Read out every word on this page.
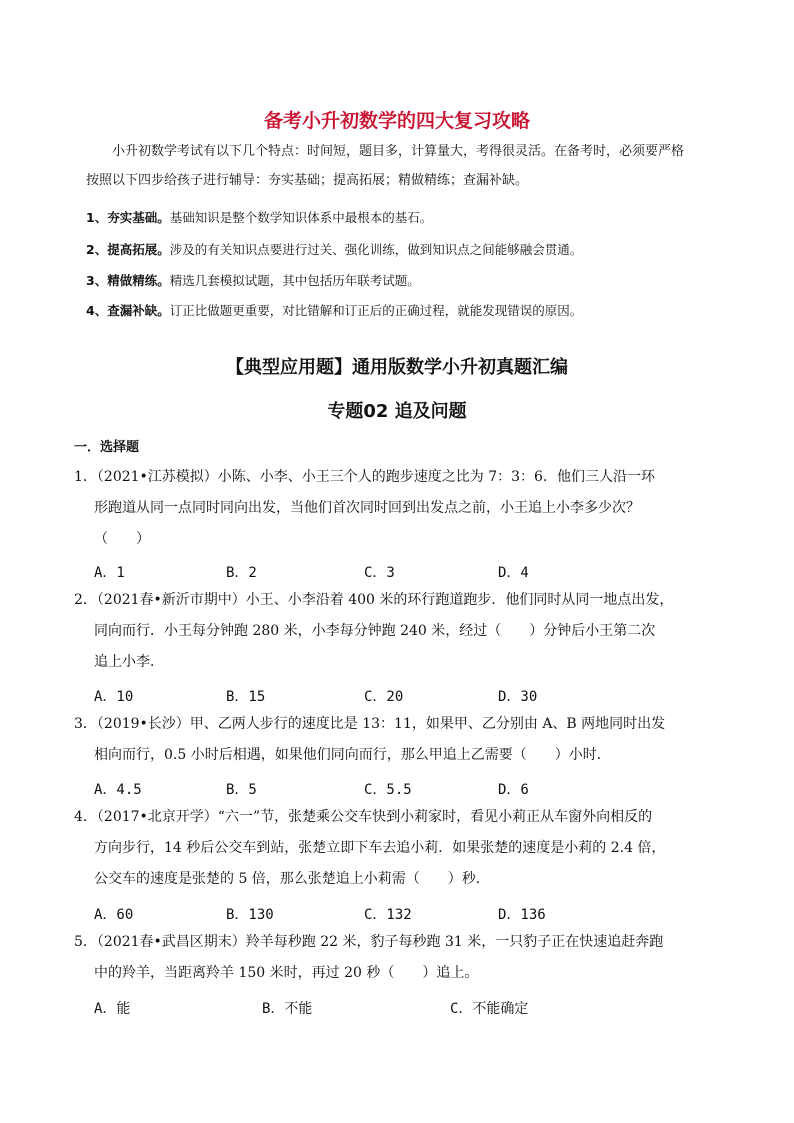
备考小升初数学的四大复习攻略
小升初数学考试有以下几个特点：时间短，题目多，计算量大，考得很灵活。在备考时，必须要严格
按照以下四步给孩子进行辅导：夯实基础；提高拓展；精做精练；查漏补缺。
1、夯实基础。基础知识是整个数学知识体系中最根本的基石。
2、提高拓展。涉及的有关知识点要进行过关、强化训练，做到知识点之间能够融会贯通。
3、精做精练。精选几套模拟试题，其中包括历年联考试题。
4、查漏补缺。订正比做题更重要，对比错解和订正后的正确过程，就能发现错误的原因。
【典型应用题】通用版数学小升初真题汇编
专题02 追及问题
一．选择题
1．（2021•江苏模拟）小陈、小李、小王三个人的跑步速度之比为 7：3：6．他们三人沿一环
形跑道从同一点同时同向出发，当他们首次同时回到出发点之前，小王追上小李多少次？
（　　）
A．1	B．2	C．3	D．4
2．（2021春•新沂市期中）小王、小李沿着 400 米的环行跑道跑步．他们同时从同一地点出发，
同向而行．小王每分钟跑 280 米，小李每分钟跑 240 米，经过（　　）分钟后小王第二次
追上小李．
A．10	B．15	C．20	D．30
3．（2019•长沙）甲、乙两人步行的速度比是 13：11，如果甲、乙分别由 A、B 两地同时出发
相向而行，0.5 小时后相遇，如果他们同向而行，那么甲追上乙需要（　　）小时．
A．4.5	B．5	C．5.5	D．6
4．（2017•北京开学）“六一”节，张楚乘公交车快到小莉家时，看见小莉正从车窗外向相反的
方向步行，14 秒后公交车到站，张楚立即下车去追小莉．如果张楚的速度是小莉的 2.4 倍，
公交车的速度是张楚的 5 倍，那么张楚追上小莉需（　　）秒．
A．60	B．130	C．132	D．136
5．（2021春•武昌区期末）羚羊每秒跑 22 米，豹子每秒跑 31 米，一只豹子正在快速追赶奔跑
中的羚羊，当距离羚羊 150 米时，再过 20 秒（　　）追上。
A．能	B．不能	C．不能确定
